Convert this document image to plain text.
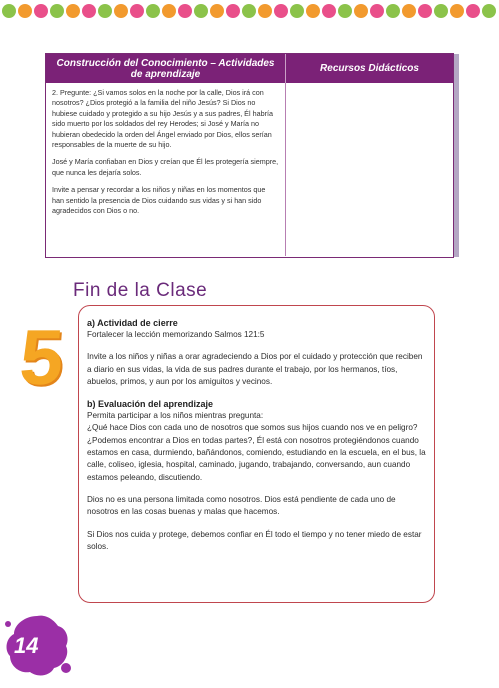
Construcción del Conocimiento – Actividades de aprendizaje	Recursos Didácticos

2. Pregunte: ¿Si vamos solos en la noche por la calle, Dios irá con nosotros? ¿Dios protegió a la familia del niño Jesús? Si Dios no hubiese cuidado y protegido a su hijo Jesús y a sus padres, Él habría sido muerto por los soldados del rey Herodes; si José y María no hubieran obedecido la orden del Ángel enviado por Dios, ellos serían responsables de la muerte de su hijo.

José y María confiaban en Dios y creían que Él les protegería siempre, que nunca les dejaría solos.

Invite a pensar y recordar a los niños y niñas en los momentos que han sentido la presencia de Dios cuidando sus vidas y si han sido agradecidos con Dios o no.

Fin de la Clase
5 a) Actividad de cierre

Fortalecer la lección memorizando Salmos 121:5

Invite a los niños y niñas a orar agradeciendo a Dios por el cuidado y protección que reciben a diario en sus vidas, la vida de sus padres durante el trabajo, por los hermanos, tíos, abuelos, primos, y aun por los amiguitos y vecinos.

b) Evaluación del aprendizaje

Permita participar a los niños mientras pregunta:

¿Qué hace Dios con cada uno de nosotros que somos sus hijos cuando nos ve en peligro? ¿Podemos encontrar a Dios en todas partes?, Él está con nosotros protegiéndonos cuando estamos en casa, durmiendo, bañándonos, comiendo, estudiando en la escuela, en el bus, la calle, coliseo, iglesia, hospital, caminado, jugando, trabajando, conversando, aun cuando estamos peleando, discutiendo.

Dios no es una persona limitada como nosotros. Dios está pendiente de cada uno de nosotros en las cosas buenas y malas que hacemos.

Si Dios nos cuida y protege, debemos confiar en Él todo el tiempo y no tener miedo de estar solos.

14
